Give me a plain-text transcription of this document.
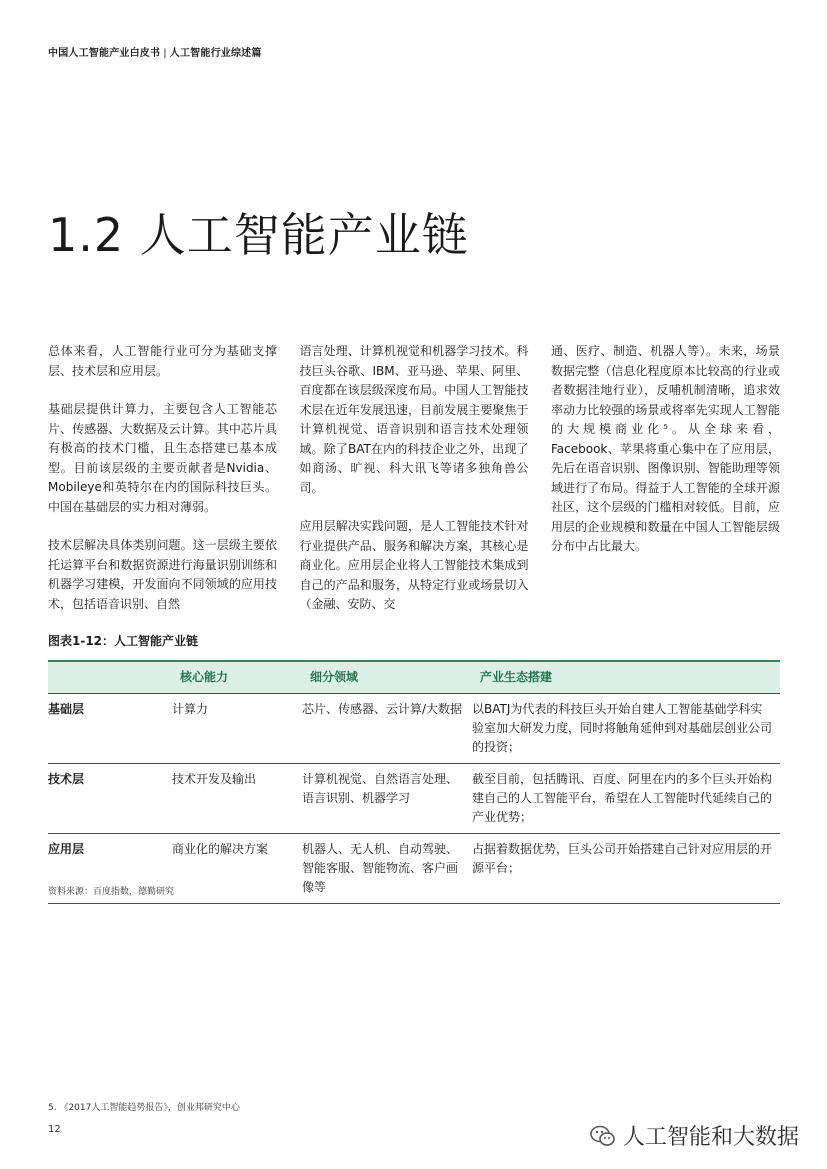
中国人工智能产业白皮书 | 人工智能行业综述篇
1.2 人工智能产业链

总体来看，人工智能行业可分为基础支撑层、技术层和应用层。

基础层提供计算力，主要包含人工智能芯片、传感器、大数据及云计算。其中芯片具有极高的技术门槛，且生态搭建已基本成型。目前该层级的主要贡献者是Nvidia、Mobileye和英特尔在内的国际科技巨头。中国在基础层的实力相对薄弱。

技术层解决具体类别问题。这一层级主要依托运算平台和数据资源进行海量识别训练和机器学习建模，开发面向不同领域的应用技术，包括语音识别、自然

语言处理、计算机视觉和机器学习技术。科技巨头谷歌、IBM、亚马逊、苹果、阿里、百度都在该层级深度布局。中国人工智能技术层在近年发展迅速，目前发展主要聚焦于计算机视觉、语音识别和语言技术处理领域。除了BAT在内的科技企业之外，出现了如商汤、旷视、科大讯飞等诸多独角兽公司。

应用层解决实践问题，是人工智能技术针对行业提供产品、服务和解决方案，其核心是商业化。应用层企业将人工智能技术集成到自己的产品和服务，从特定行业或场景切入（金融、安防、交

通、医疗、制造、机器人等）。未来，场景数据完整（信息化程度原本比较高的行业或者数据洼地行业），反哺机制清晰，追求效率动力比较强的场景或将率先实现人工智能的大规模商业化⁵。从全球来看，Facebook、苹果将重心集中在了应用层，先后在语音识别、图像识别、智能助理等领域进行了布局。得益于人工智能的全球开源社区，这个层级的门槛相对较低。目前，应用层的企业规模和数量在中国人工智能层级分布中占比最大。

图表1-12：人工智能产业链
	核心能力	细分领域	产业生态搭建
基础层	计算力	芯片、传感器、云计算/大数据	以BATJ为代表的科技巨头开始自建人工智能基础学科实验室加大研发力度，同时将触角延伸到对基础层创业公司的投资；
技术层	技术开发及输出	计算机视觉、自然语言处理、语言识别、机器学习	截至目前，包括腾讯、百度、阿里在内的多个巨头开始构建自己的人工智能平台，希望在人工智能时代延续自己的产业优势；
应用层	商业化的解决方案	机器人、无人机、自动驾驶、智能客服、智能物流、客户画像等	占据着数据优势，巨头公司开始搭建自己针对应用层的开源平台；
资料来源：百度指数，德勤研究
5. 《2017人工智能趋势报告》，创业邦研究中心
12	人工智能和大数据
